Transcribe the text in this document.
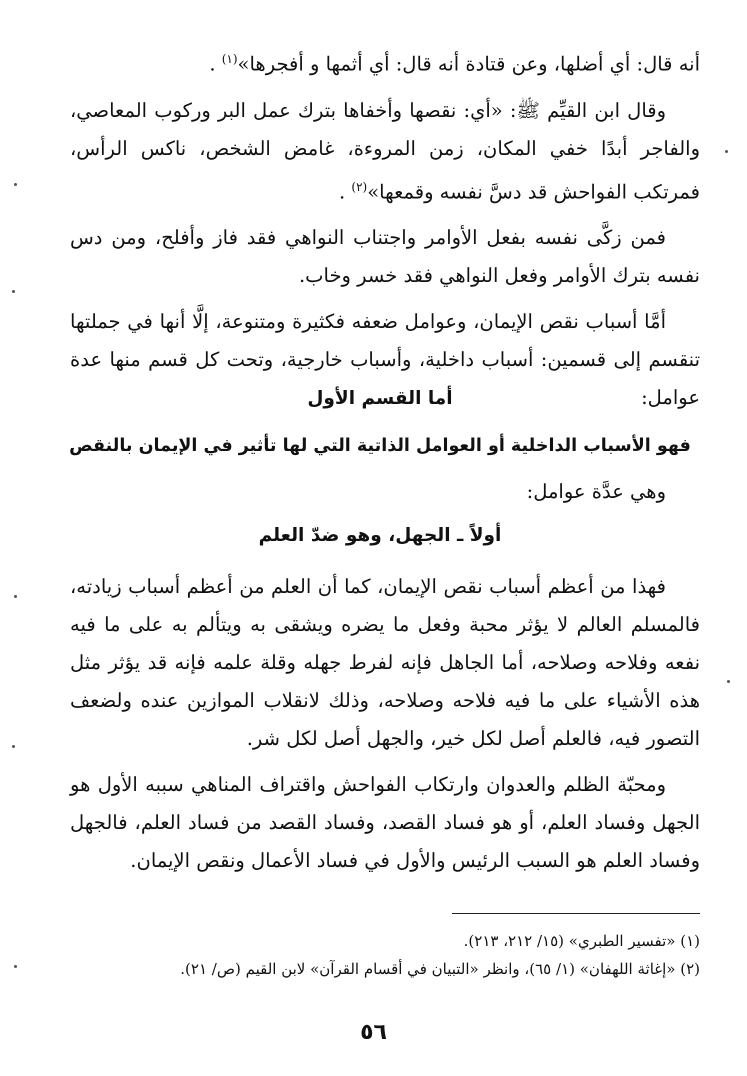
أنه قال: أي أضلها، وعن قتادة أنه قال: أي أثمها و أفجرها»$^{(١)}$ .

وقال ابن القيِّم ﷺ: «أي: نقصها وأخفاها بترك عمل البر وركوب المعاصي، والفاجر أبدًا خفي المكان، زمن المروءة، غامض الشخص، ناكس الرأس، فمرتكب الفواحش قد دسَّ نفسه وقمعها»$^{(٢)}$ .

فمن زكَّى نفسه بفعل الأوامر واجتناب النواهي فقد فاز وأفلح، ومن دس نفسه بترك الأوامر وفعل النواهي فقد خسر وخاب.

أمَّا أسباب نقص الإيمان، وعوامل ضعفه فكثيرة ومتنوعة، إلَّا أنها في جملتها تنقسم إلى قسمين: أسباب داخلية، وأسباب خارجية، وتحت كل قسم منها عدة عوامل:

أما القسم الأول
فهو الأسباب الداخلية أو العوامل الذاتية التي لها تأثير في الإيمان بالنقص
وهي عدَّة عوامل:
أولاً ـ الجهل، وهو ضدّ العلم

فهذا من أعظم أسباب نقص الإيمان، كما أن العلم من أعظم أسباب زيادته، فالمسلم العالم لا يؤثر محبة وفعل ما يضره ويشقى به ويتألم به على ما فيه نفعه وفلاحه وصلاحه، أما الجاهل فإنه لفرط جهله وقلة علمه فإنه قد يؤثر مثل هذه الأشياء على ما فيه فلاحه وصلاحه، وذلك لانقلاب الموازين عنده ولضعف التصور فيه، فالعلم أصل لكل خير، والجهل أصل لكل شر.

ومحبّة الظلم والعدوان وارتكاب الفواحش واقتراف المناهي سببه الأول هو الجهل وفساد العلم، أو هو فساد القصد، وفساد القصد من فساد العلم، فالجهل وفساد العلم هو السبب الرئيس والأول في فساد الأعمال ونقص الإيمان.

(١) «تفسير الطبري» (١٥/ ٢١٢، ٢١٣).
(٢) «إغاثة اللهفان» (١/ ٦٥)، وانظر «التبيان في أقسام القرآن» لابن القيم (ص/ ٢١).
٥٦
